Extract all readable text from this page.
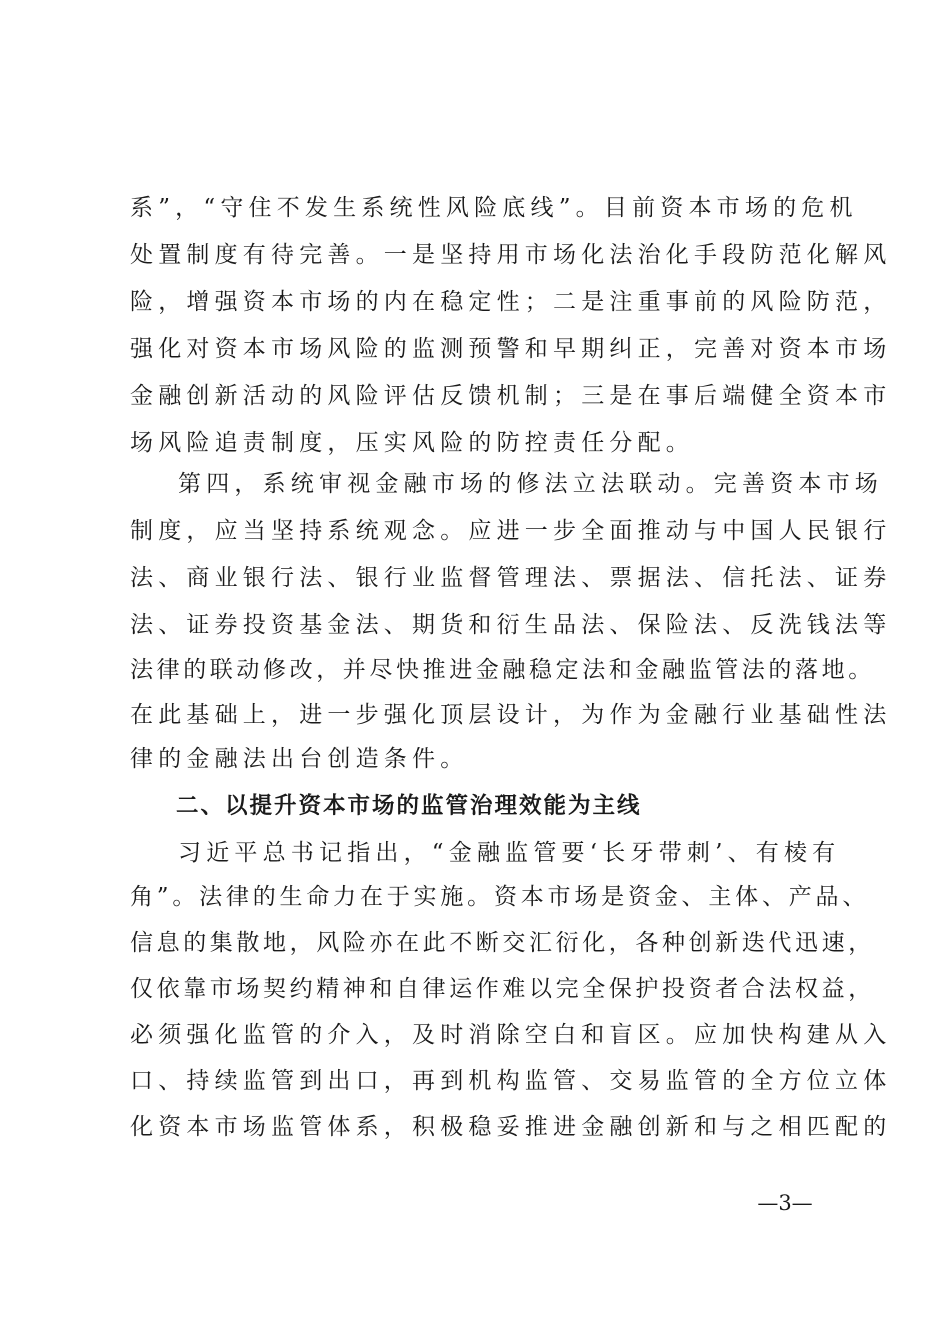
系”，“守住不发生系统性风险底线”。目前资本市场的危机
处置制度有待完善。一是坚持用市场化法治化手段防范化解风
险，增强资本市场的内在稳定性；二是注重事前的风险防范，
强化对资本市场风险的监测预警和早期纠正，完善对资本市场
金融创新活动的风险评估反馈机制；三是在事后端健全资本市
场风险追责制度，压实风险的防控责任分配。
第四，系统审视金融市场的修法立法联动。完善资本市场
制度，应当坚持系统观念。应进一步全面推动与中国人民银行
法、商业银行法、银行业监督管理法、票据法、信托法、证券
法、证券投资基金法、期货和衍生品法、保险法、反洗钱法等
法律的联动修改，并尽快推进金融稳定法和金融监管法的落地。
在此基础上，进一步强化顶层设计，为作为金融行业基础性法
律的金融法出台创造条件。
二、以提升资本市场的监管治理效能为主线
习近平总书记指出，“金融监管要‘长牙带刺’、有棱有
角”。法律的生命力在于实施。资本市场是资金、主体、产品、
信息的集散地，风险亦在此不断交汇衍化，各种创新迭代迅速，
仅依靠市场契约精神和自律运作难以完全保护投资者合法权益，
必须强化监管的介入，及时消除空白和盲区。应加快构建从入
口、持续监管到出口，再到机构监管、交易监管的全方位立体
化资本市场监管体系，积极稳妥推进金融创新和与之相匹配的
—3—
